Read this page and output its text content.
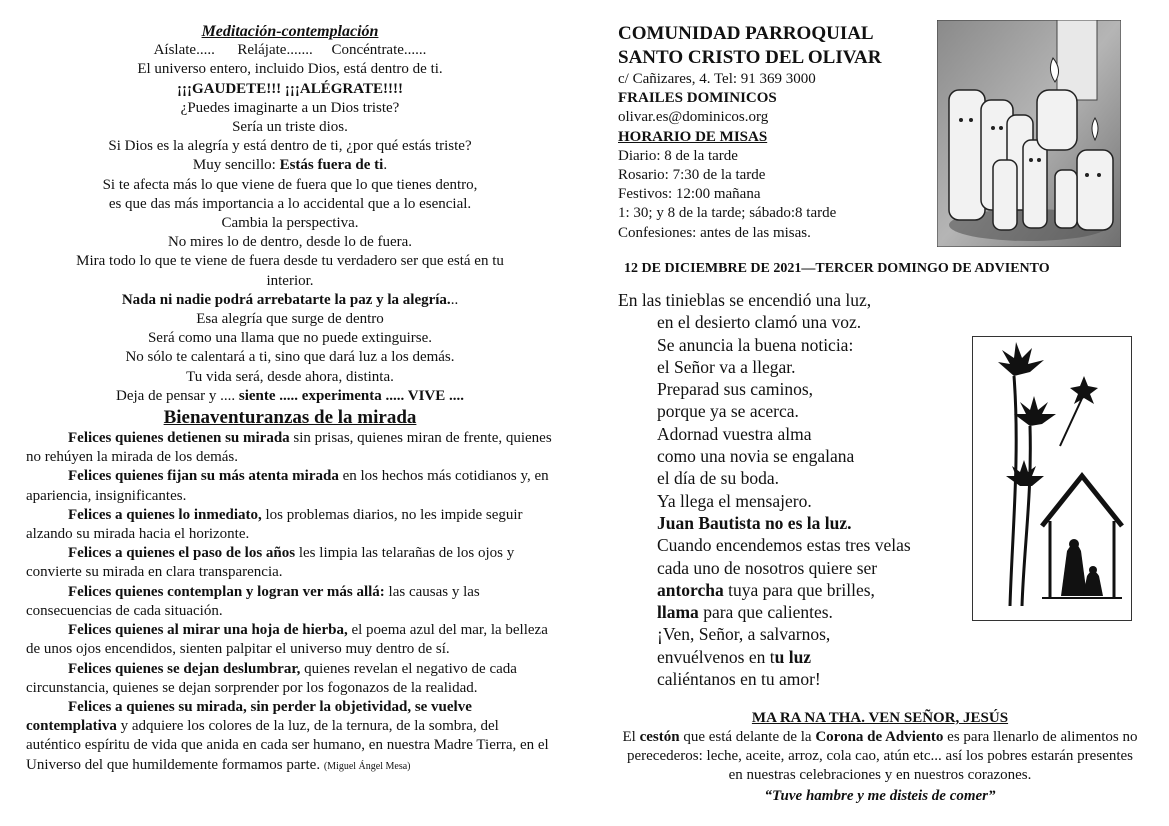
Meditación-contemplación
Aíslate.....      Relájate.......     Concéntrate......
El universo entero, incluido Dios, está dentro de ti.
¡¡¡GAUDETE!!! ¡¡¡ALÉGRATE!!!!
¿Puedes imaginarte a un Dios triste?
Sería un triste dios.
Si Dios es la alegría y está dentro de ti, ¿por qué estás triste?
Muy sencillo: Estás fuera de ti.
Si te afecta más lo que viene de fuera que lo que tienes dentro,
es que das más importancia a lo accidental que a lo esencial.
Cambia la perspectiva.
No mires lo de dentro, desde lo de fuera.
Mira todo lo que te viene de fuera desde tu verdadero ser que está en tu interior.
Nada ni nadie podrá arrebatarte la paz y la alegría...
Esa alegría que surge de dentro
Será como una llama que no puede extinguirse.
No sólo te calentará a ti, sino que dará luz a los demás.
Tu vida será, desde ahora, distinta.
Deja de pensar y .... siente ..... experimenta ..... VIVE ....
Bienaventuranzas de la mirada

Felices quienes detienen su mirada sin prisas, quienes miran de frente, quienes no rehúyen la mirada de los demás.

Felices quienes fijan su más atenta mirada en los hechos más cotidianos y, en apariencia, insignificantes.

Felices a quienes lo inmediato, los problemas diarios, no les impide seguir alzando su mirada hacia el horizonte.

Felices a quienes el paso de los años les limpia las telarañas de los ojos y convierte su mirada en clara transparencia.

Felices quienes contemplan y logran ver más allá: las causas y las consecuencias de cada situación.

Felices quienes al mirar una hoja de hierba, el poema azul del mar, la belleza de unos ojos encendidos, sienten palpitar el universo muy dentro de sí.

Felices quienes se dejan deslumbrar, quienes revelan el negativo de cada circunstancia, quienes se dejan sorprender por los fogonazos de la realidad.

Felices a quienes su mirada, sin perder la objetividad, se vuelve contemplativa y adquiere los colores de la luz, de la ternura, de la sombra, del auténtico espíritu de vida que anida en cada ser humano, en nuestra Madre Tierra, en el Universo del que humildemente formamos parte. (Miguel Ángel Mesa)

COMUNIDAD PARROQUIAL
SANTO CRISTO DEL OLIVAR
c/ Cañizares, 4. Tel: 91 369 3000
FRAILES DOMINICOS
olivar.es@dominicos.org
HORARIO DE MISAS
Diario: 8 de la tarde
Rosario: 7:30 de la tarde
Festivos: 12:00 mañana
1: 30; y 8 de la tarde; sábado:8 tarde
Confesiones: antes de las misas.
12 DE DICIEMBRE DE 2021—TERCER DOMINGO DE ADVIENTO
En las tinieblas se encendió una luz,
en el desierto clamó una voz.
Se anuncia la buena noticia:
el Señor va a llegar.
Preparad sus caminos,
porque ya se acerca.
Adornad vuestra alma
como una novia se engalana
el día de su boda.
Ya llega el mensajero.
Juan Bautista no es la luz.
Cuando encendemos estas tres velas
cada uno de nosotros quiere ser
antorcha tuya para que brilles,
llama para que calientes.
¡Ven, Señor, a salvarnos,
envuélvenos en tu luz
caliéntanos en tu amor!
MA RA NA THA. VEN SEÑOR, JESÚS
El cestón que está delante de la Corona de Adviento es para llenarlo de alimentos no perecederos: leche, aceite, arroz, cola cao, atún etc... así los pobres estarán presentes en nuestras celebraciones y en nuestros corazones.
“Tuve hambre y me disteis de comer”
